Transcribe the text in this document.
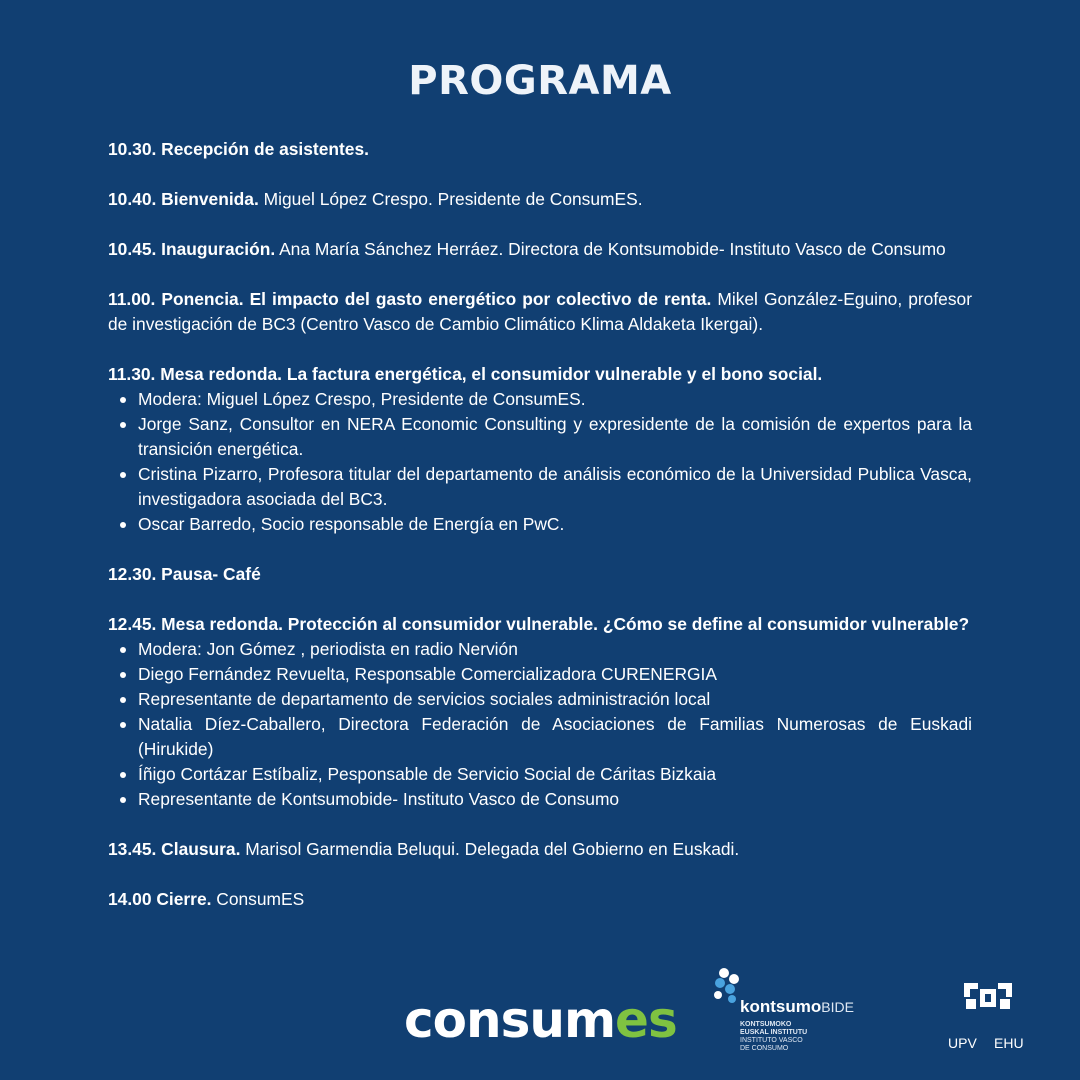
PROGRAMA
10.30. Recepción de asistentes.
10.40. Bienvenida. Miguel López Crespo. Presidente de ConsumES.
10.45. Inauguración. Ana María Sánchez Herráez. Directora de Kontsumobide- Instituto Vasco de Consumo
11.00. Ponencia. El impacto del gasto energético por colectivo de renta. Mikel González-Eguino, profesor de investigación de BC3 (Centro Vasco de Cambio Climático Klima Aldaketa Ikergai).
11.30. Mesa redonda. La factura energética, el consumidor vulnerable y el bono social.
Modera: Miguel López Crespo, Presidente de ConsumES.
Jorge Sanz, Consultor en NERA Economic Consulting y expresidente de la comisión de expertos para la transición energética.
Cristina Pizarro, Profesora titular del departamento de análisis económico de la Universidad Publica Vasca, investigadora asociada del BC3.
Oscar Barredo, Socio responsable de Energía en PwC.
12.30. Pausa- Café
12.45. Mesa redonda. Protección al consumidor vulnerable. ¿Cómo se define al consumidor vulnerable?
Modera: Jon Gómez , periodista en radio Nervión
Diego Fernández Revuelta, Responsable Comercializadora CURENERGIA
Representante de departamento de servicios sociales administración local
Natalia Díez-Caballero, Directora Federación de Asociaciones de Familias Numerosas de Euskadi (Hirukide)
Íñigo Cortázar Estíbaliz, Pesponsable de Servicio Social de Cáritas Bizkaia
Representante de Kontsumobide- Instituto Vasco de Consumo
13.45. Clausura. Marisol Garmendia Beluqui. Delegada del Gobierno en Euskadi.
14.00 Cierre. ConsumES
consumes	kontsumoBIDE
KONTSUMOKO
EUSKAL INSTITUTU
INSTITUTO VASCO
DE CONSUMO	UPV EHU
